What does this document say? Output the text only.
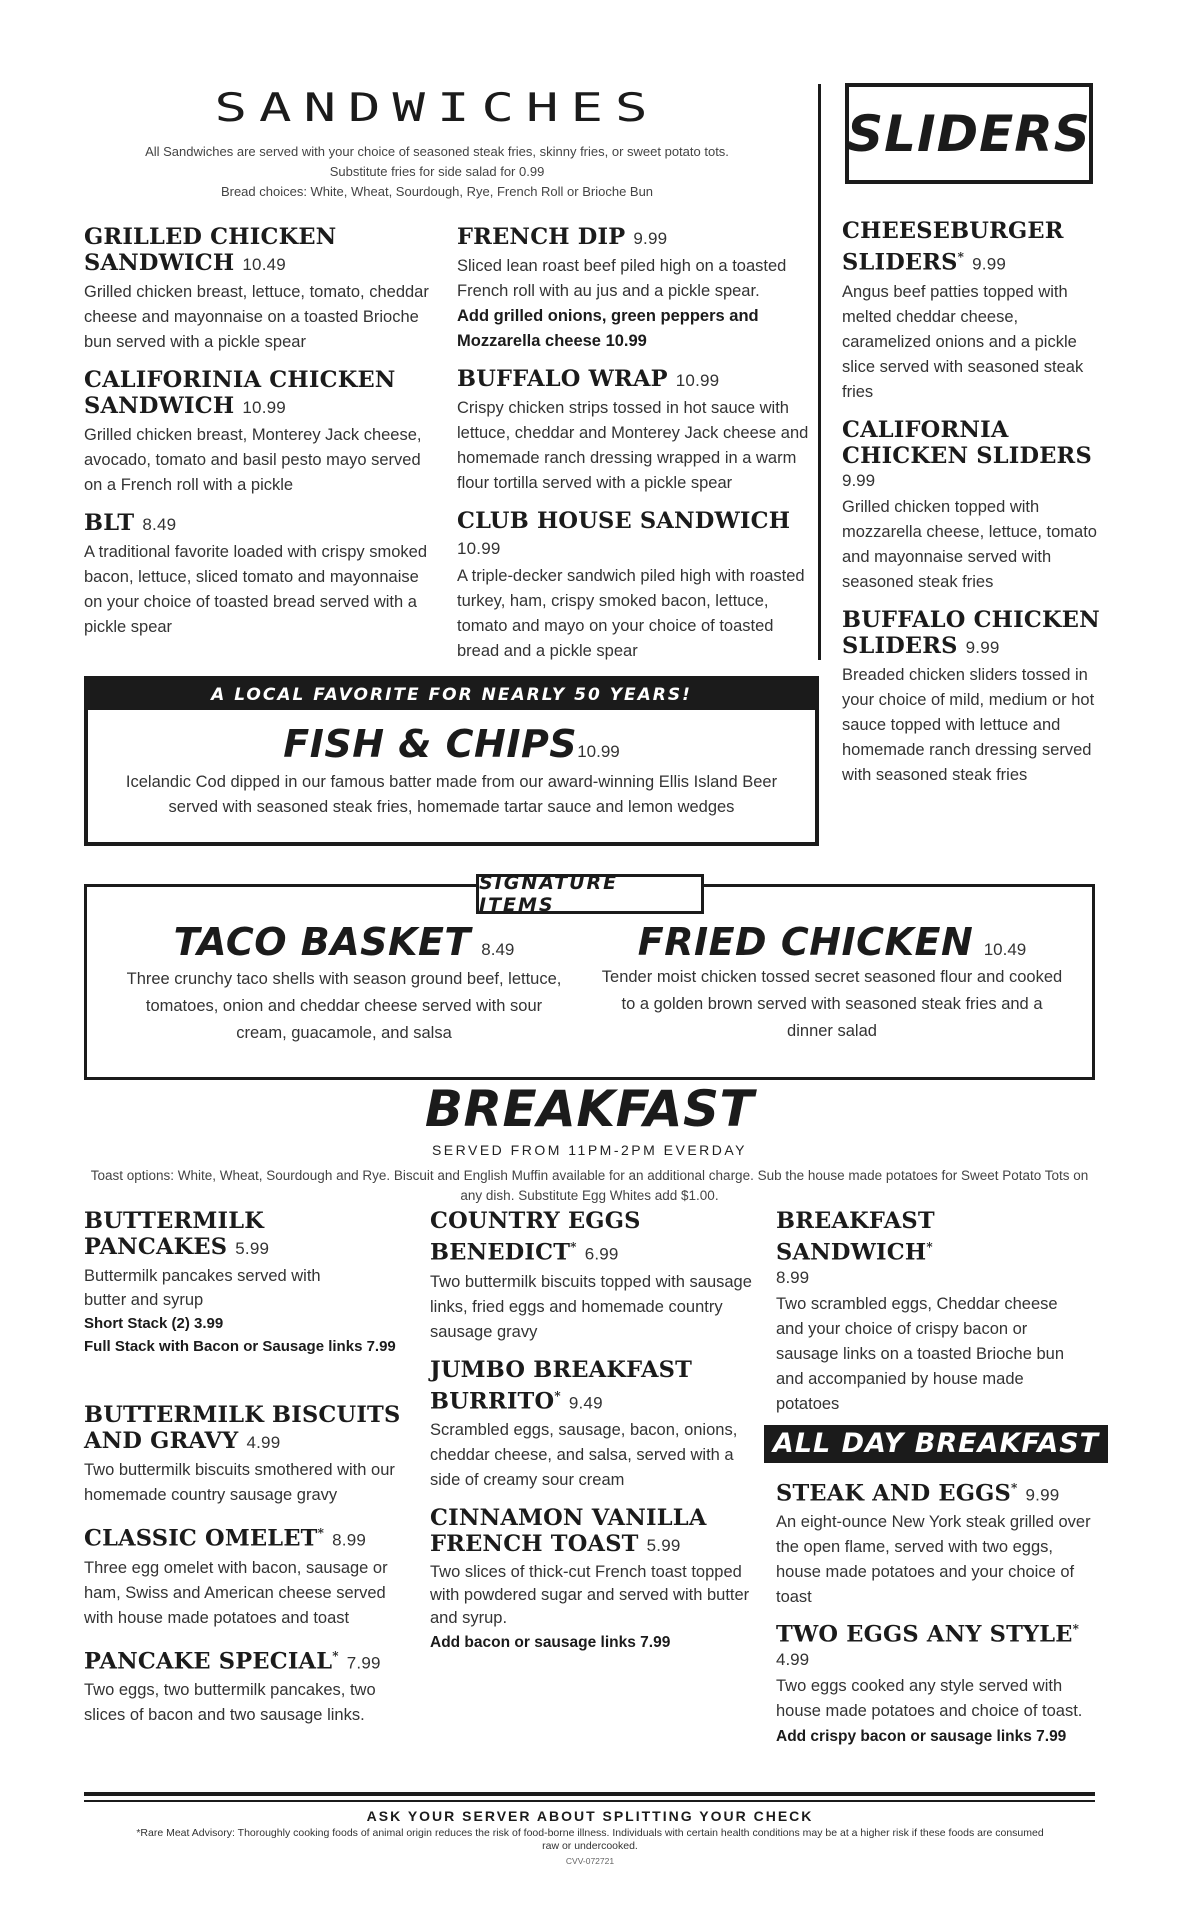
SANDWICHES
All Sandwiches are served with your choice of seasoned steak fries, skinny fries, or sweet potato tots.
Substitute fries for side salad for 0.99
Bread choices: White, Wheat, Sourdough, Rye, French Roll or Brioche Bun
GRILLED CHICKEN SANDWICH 10.49
Grilled chicken breast, lettuce, tomato, cheddar cheese and mayonnaise on a toasted Brioche bun served with a pickle spear
CALIFORINIA CHICKEN SANDWICH 10.99
Grilled chicken breast, Monterey Jack cheese, avocado, tomato and basil pesto mayo served on a French roll with a pickle
BLT 8.49
A traditional favorite loaded with crispy smoked bacon, lettuce, sliced tomato and mayonnaise on your choice of toasted bread served with a pickle spear
FRENCH DIP 9.99
Sliced lean roast beef piled high on a toasted French roll with au jus and a pickle spear.
Add grilled onions, green peppers and Mozzarella cheese 10.99
BUFFALO WRAP 10.99
Crispy chicken strips tossed in hot sauce with lettuce, cheddar and Monterey Jack cheese and homemade ranch dressing wrapped in a warm flour tortilla served with a pickle spear
CLUB HOUSE SANDWICH 10.99
A triple-decker sandwich piled high with roasted turkey, ham, crispy smoked bacon, lettuce, tomato and mayo on your choice of toasted bread and a pickle spear
SLIDERS
CHEESEBURGER SLIDERS* 9.99
Angus beef patties topped with melted cheddar cheese, caramelized onions and a pickle slice served with seasoned steak fries
CALIFORNIA CHICKEN SLIDERS
9.99
Grilled chicken topped with mozzarella cheese, lettuce, tomato and mayonnaise served with seasoned steak fries
BUFFALO CHICKEN SLIDERS 9.99
Breaded chicken sliders tossed in your choice of mild, medium or hot sauce topped with lettuce and homemade ranch dressing served with seasoned steak fries
A LOCAL FAVORITE FOR NEARLY 50 YEARS!
FISH & CHIPS10.99
Icelandic Cod dipped in our famous batter made from our award-winning Ellis Island Beer served with seasoned steak fries, homemade tartar sauce and lemon wedges
SIGNATURE ITEMS
TACO BASKET 8.49
Three crunchy taco shells with season ground beef, lettuce, tomatoes, onion and cheddar cheese served with sour cream, guacamole, and salsa
FRIED CHICKEN 10.49
Tender moist chicken tossed secret seasoned flour and cooked to a golden brown served with seasoned steak fries and a dinner salad
BREAKFAST
SERVED FROM 11PM-2PM EVERDAY
Toast options: White, Wheat, Sourdough and Rye. Biscuit and English Muffin available for an additional charge. Sub the house made potatoes for Sweet Potato Tots on any dish. Substitute Egg Whites add $1.00.
BUTTERMILK PANCAKES 5.99
Buttermilk pancakes served with butter and syrup
Short Stack (2) 3.99
Full Stack with Bacon or Sausage links 7.99
BUTTERMILK BISCUITS AND GRAVY 4.99
Two buttermilk biscuits smothered with our homemade country sausage gravy
CLASSIC OMELET* 8.99
Three egg omelet with bacon, sausage or ham, Swiss and American cheese served with house made potatoes and toast
PANCAKE SPECIAL* 7.99
Two eggs, two buttermilk pancakes, two slices of bacon and two sausage links.
COUNTRY EGGS BENEDICT* 6.99
Two buttermilk biscuits topped with sausage links, fried eggs and homemade country sausage gravy
JUMBO BREAKFAST BURRITO* 9.49
Scrambled eggs, sausage, bacon, onions, cheddar cheese, and salsa, served with a side of creamy sour cream
CINNAMON VANILLA FRENCH TOAST 5.99
Two slices of thick-cut French toast topped with powdered sugar and served with butter and syrup.
Add bacon or sausage links 7.99
BREAKFAST SANDWICH*
8.99
Two scrambled eggs, Cheddar cheese and your choice of crispy bacon or sausage links on a toasted Brioche bun and accompanied by house made potatoes
ALL DAY BREAKFAST
STEAK AND EGGS* 9.99
An eight-ounce New York steak grilled over the open flame, served with two eggs, house made potatoes and your choice of toast
TWO EGGS ANY STYLE*
4.99
Two eggs cooked any style served with house made potatoes and choice of toast.
Add crispy bacon or sausage links 7.99
ASK YOUR SERVER ABOUT SPLITTING YOUR CHECK
*Rare Meat Advisory: Thoroughly cooking foods of animal origin reduces the risk of food-borne illness. Individuals with certain health conditions may be at a higher risk if these foods are consumed raw or undercooked.
CVV-072721
